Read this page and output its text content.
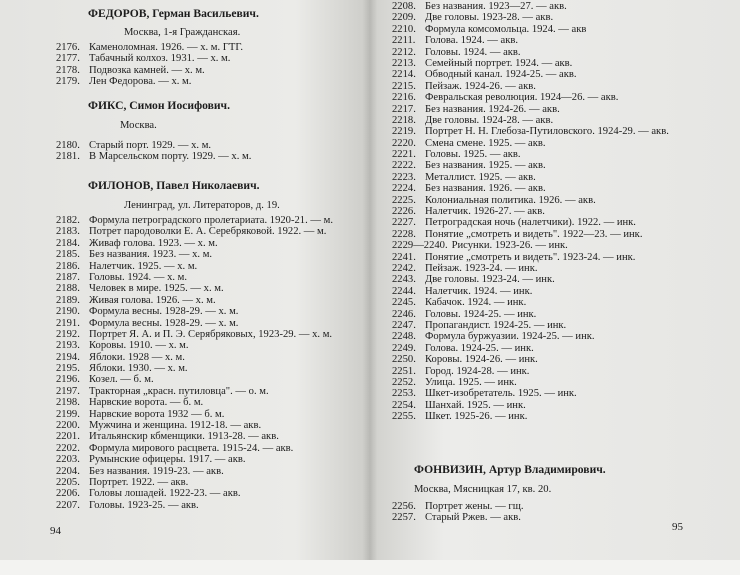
ФЕДОРОВ, Герман Васильевич.
Москва, 1-я Гражданская.
2176. Каменоломная. 1926. — х. м. ГТГ.
2177. Табачный колхоз. 1931. — х. м.
2178. Подвозка камней. — х. м.
2179. Лен Федорова. — х. м.
ФИКС, Симон Иосифович.
Москва.
2180. Старый порт. 1929. — х. м.
2181. В Марсельском порту. 1929. — х. м.
ФИЛОНОВ, Павел Николаевич.
Ленинград, ул. Литераторов, д. 19.
2182. Формула петроградского пролетариата. 1920-21. — м.
2183. Потрет пародоволки Е. А. Серебряковой. 1922. — м.
2184. Живаф голова. 1923. — х. м.
2185. Без названия. 1923. — х. м.
2186. Налетчик. 1925. — х. м.
2187. Головы. 1924. — х. м.
2188. Человек в мире. 1925. — х. м.
2189. Живая голова. 1926. — х. м.
2190. Формула весны. 1928-29. — х. м.
2191. Формула весны. 1928-29. — х. м.
2192. Портрет Я. А. и П. Э. Серябряковых, 1923-29. — х. м.
2193. Коровы. 1910. — х. м.
2194. Яблоки. 1928 — х. м.
2195. Яблоки. 1930. — х. м.
2196. Козел. — б. м.
2197. Тракторная „красн. путиловца". — о. м.
2198. Нарвские ворота. — б. м.
2199. Нарвские ворота 1932 — б. м.
2200. Мужчина и женщина. 1912-18. — акв.
2201. Итальянскир кбменщики. 1913-28. — акв.
2202. Формула мирового расцвета. 1915-24. — акв.
2203. Румынские офицеры. 1917. — акв.
2204. Без названия. 1919-23. — акв.
2205. Портрет. 1922. — акв.
2206. Головы лошадей. 1922-23. — акв.
2207. Головы. 1923-25. — акв.
94
2208. Без названия. 1923—27. — акв.
2209. Две головы. 1923-28. — акв.
2210. Формула комсомольца. 1924. — акв
2211. Голова. 1924. — акв.
2212. Головы. 1924. — акв.
2213. Семейный портрет. 1924. — акв.
2214. Обводный канал. 1924-25. — акв.
2215. Пейзаж. 1924-26. — акв.
2216. Февральская революция. 1924—26. — акв.
2217. Без названия. 1924-26. — акв.
2218. Две головы. 1924-28. — акв.
2219. Портрет Н. Н. Глебоза-Путиловского. 1924-29. — акв.
2220. Смена смене. 1925. — акв.
2221. Головы. 1925. — акв.
2222. Без названия. 1925. — акв.
2223. Металлист. 1925. — акв.
2224. Без названия. 1926. — акв.
2225. Колониальная политика. 1926. — акв.
2226. Налетчик. 1926-27. — акв.
2227. Петроградская ночь (налетчики). 1922. — инк.
2228. Понятие „смотреть и видеть". 1922—23. — инк.
2229—2240. Рисунки. 1923-26. — инк.
2241. Понятие „смотреть и видеть". 1923-24. — инк.
2242. Пейзаж. 1923-24. — инк.
2243. Две головы. 1923-24. — инк.
2244. Налетчик. 1924. — инк.
2245. Кабачок. 1924. — инк.
2246. Головы. 1924-25. — инк.
2247. Пропагандист. 1924-25. — инк.
2248. Формула буржуазии. 1924-25. — инк.
2249. Голова. 1924-25. — инк.
2250. Коровы. 1924-26. — инк.
2251. Город. 1924-28. — инк.
2252. Улица. 1925. — инк.
2253. Шкет-изобретатель. 1925. — инк.
2254. Шанхай. 1925. — инк.
2255. Шкет. 1925-26. — инк.
ФОНВИЗИН, Артур Владимирович.
Москва, Мясницкая 17, кв. 20.
2256. Портрет жены. — гщ.
2257. Старый Ржев. — акв.
95
